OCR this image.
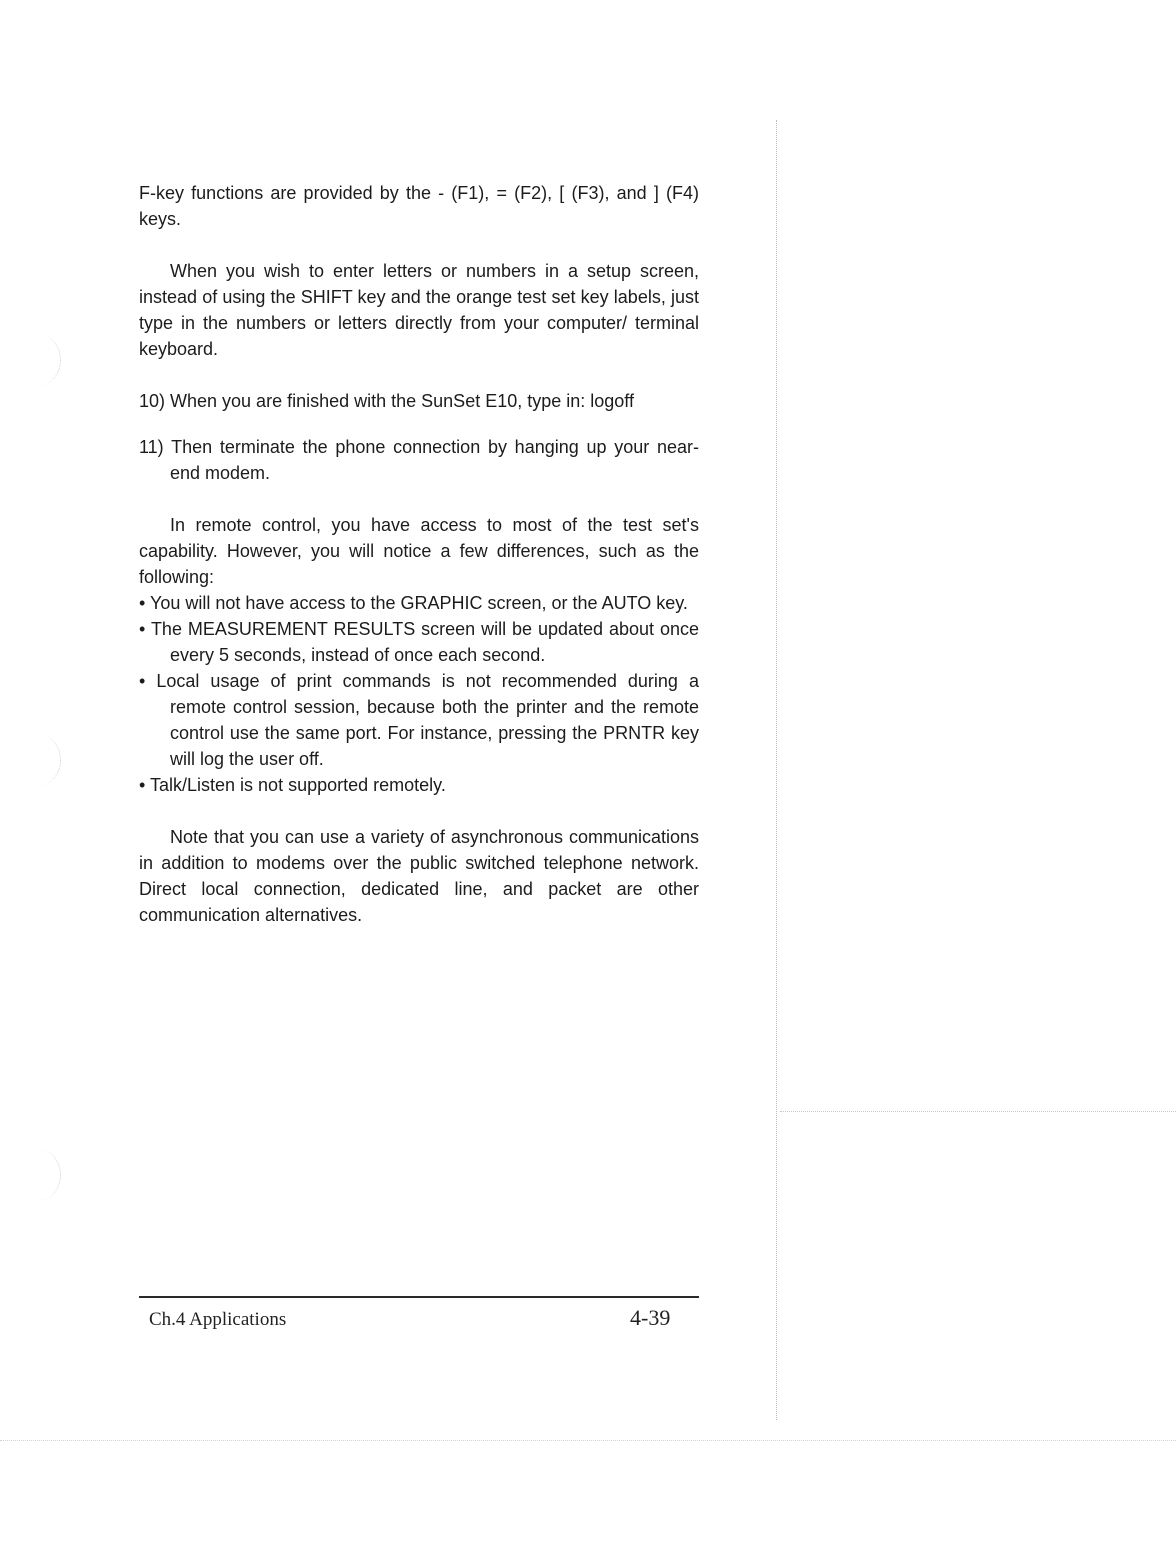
F-key functions are provided by the - (F1), = (F2), [ (F3), and ] (F4) keys.

When you wish to enter letters or numbers in a setup screen, instead of using the SHIFT key and the orange test set key labels, just type in the numbers or letters directly from your computer/ terminal keyboard.

10) When you are finished with the SunSet E10, type in: logoff

11) Then terminate the phone connection by hanging up your near-end modem.

In remote control, you have access to most of the test set's capability. However, you will notice a few differences, such as the following:

• You will not have access to the GRAPHIC screen, or the AUTO key.
• The MEASUREMENT RESULTS screen will be updated about once every 5 seconds, instead of once each second.
• Local usage of print commands is not recommended during a remote control session, because both the printer and the remote control use the same port. For instance, pressing the PRNTR key will log the user off.
• Talk/Listen is not supported remotely.

Note that you can use a variety of asynchronous communications in addition to modems over the public switched telephone network. Direct local connection, dedicated line, and packet are other communication alternatives.

Ch.4 Applications	4-39
